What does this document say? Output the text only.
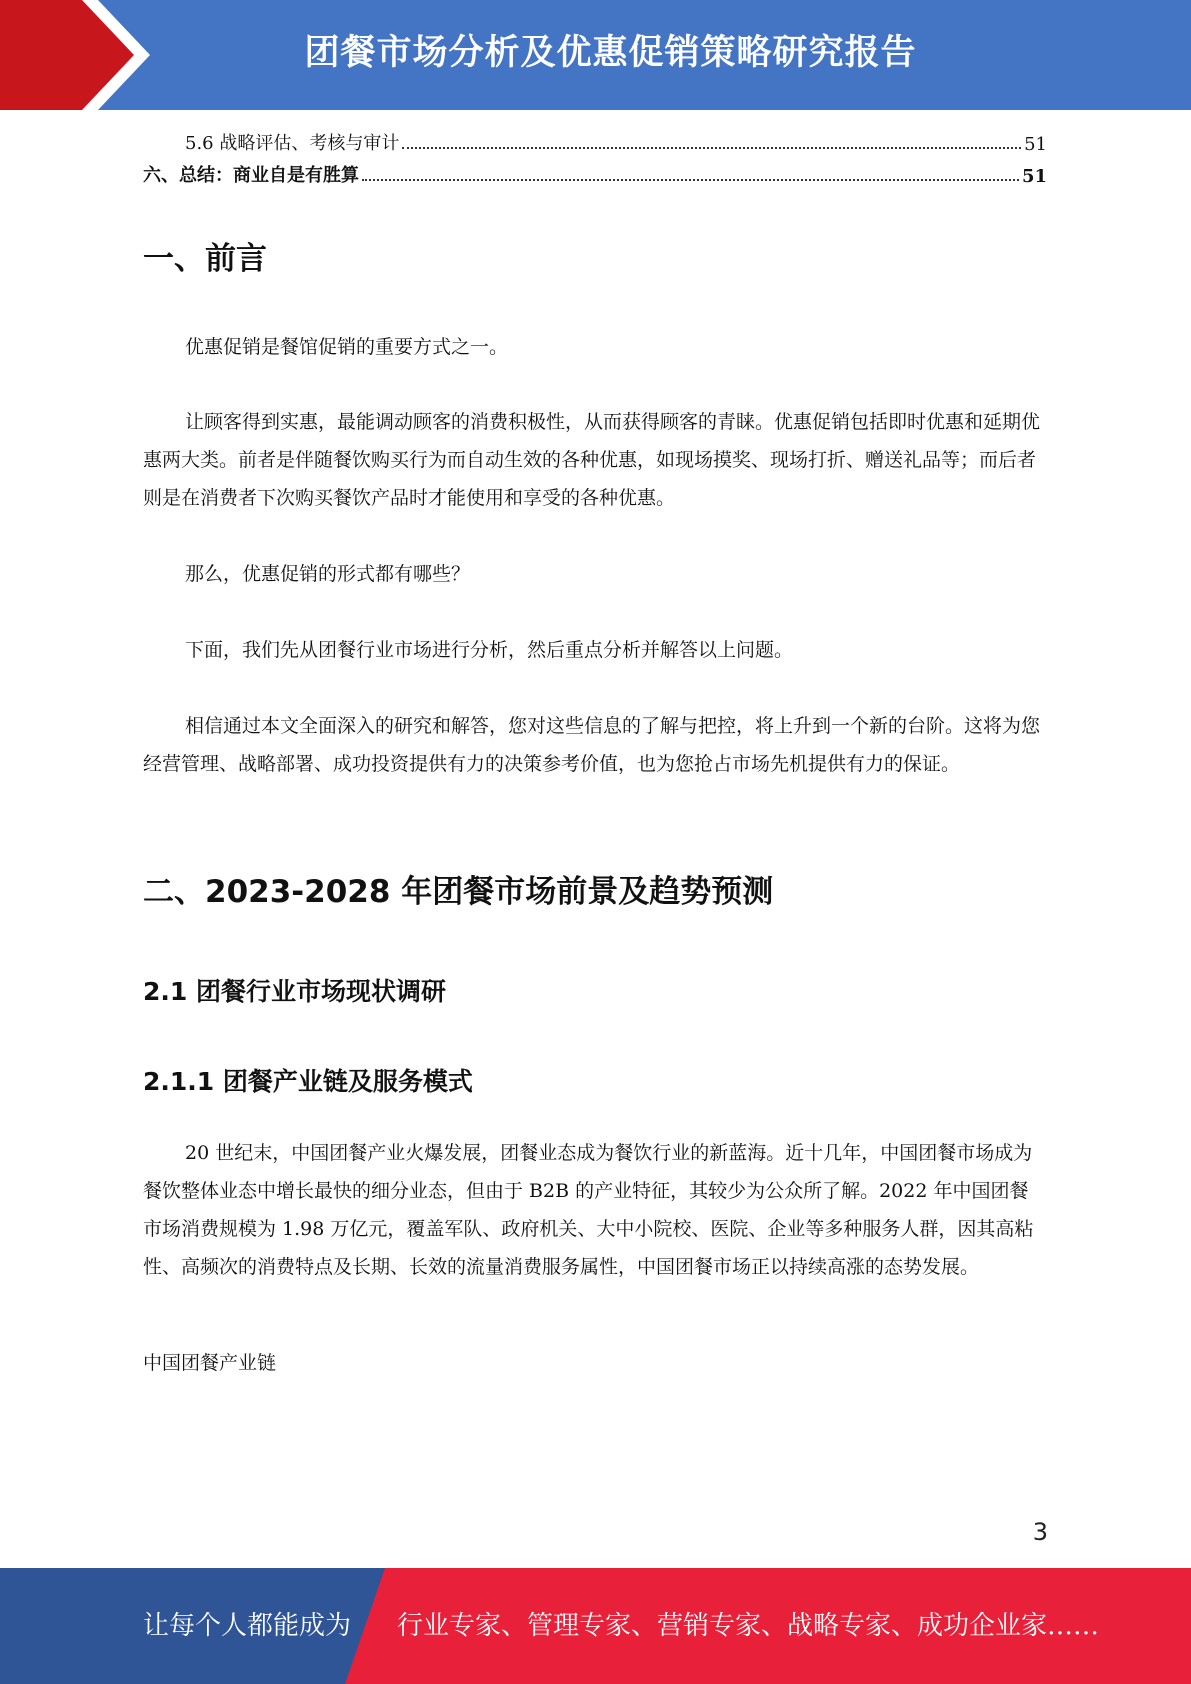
团餐市场分析及优惠促销策略研究报告
5.6 战略评估、考核与审计	51
六、总结：商业自是有胜算	51
一、前言

优惠促销是餐馆促销的重要方式之一。

让顾客得到实惠，最能调动顾客的消费积极性，从而获得顾客的青睐。优惠促销包括即时优惠和延期优惠两大类。前者是伴随餐饮购买行为而自动生效的各种优惠，如现场摸奖、现场打折、赠送礼品等；而后者则是在消费者下次购买餐饮产品时才能使用和享受的各种优惠。

那么，优惠促销的形式都有哪些？

下面，我们先从团餐行业市场进行分析，然后重点分析并解答以上问题。

相信通过本文全面深入的研究和解答，您对这些信息的了解与把控，将上升到一个新的台阶。这将为您经营管理、战略部署、成功投资提供有力的决策参考价值，也为您抢占市场先机提供有力的保证。

二、2023-2028 年团餐市场前景及趋势预测
2.1 团餐行业市场现状调研
2.1.1 团餐产业链及服务模式

20 世纪末，中国团餐产业火爆发展，团餐业态成为餐饮行业的新蓝海。近十几年，中国团餐市场成为餐饮整体业态中增长最快的细分业态，但由于 B2B 的产业特征，其较少为公众所了解。2022 年中国团餐市场消费规模为 1.98 万亿元，覆盖军队、政府机关、大中小院校、医院、企业等多种服务人群，因其高粘性、高频次的消费特点及长期、长效的流量消费服务属性，中国团餐市场正以持续高涨的态势发展。

中国团餐产业链

3
让每个人都能成为 行业专家、管理专家、营销专家、战略专家、成功企业家……
